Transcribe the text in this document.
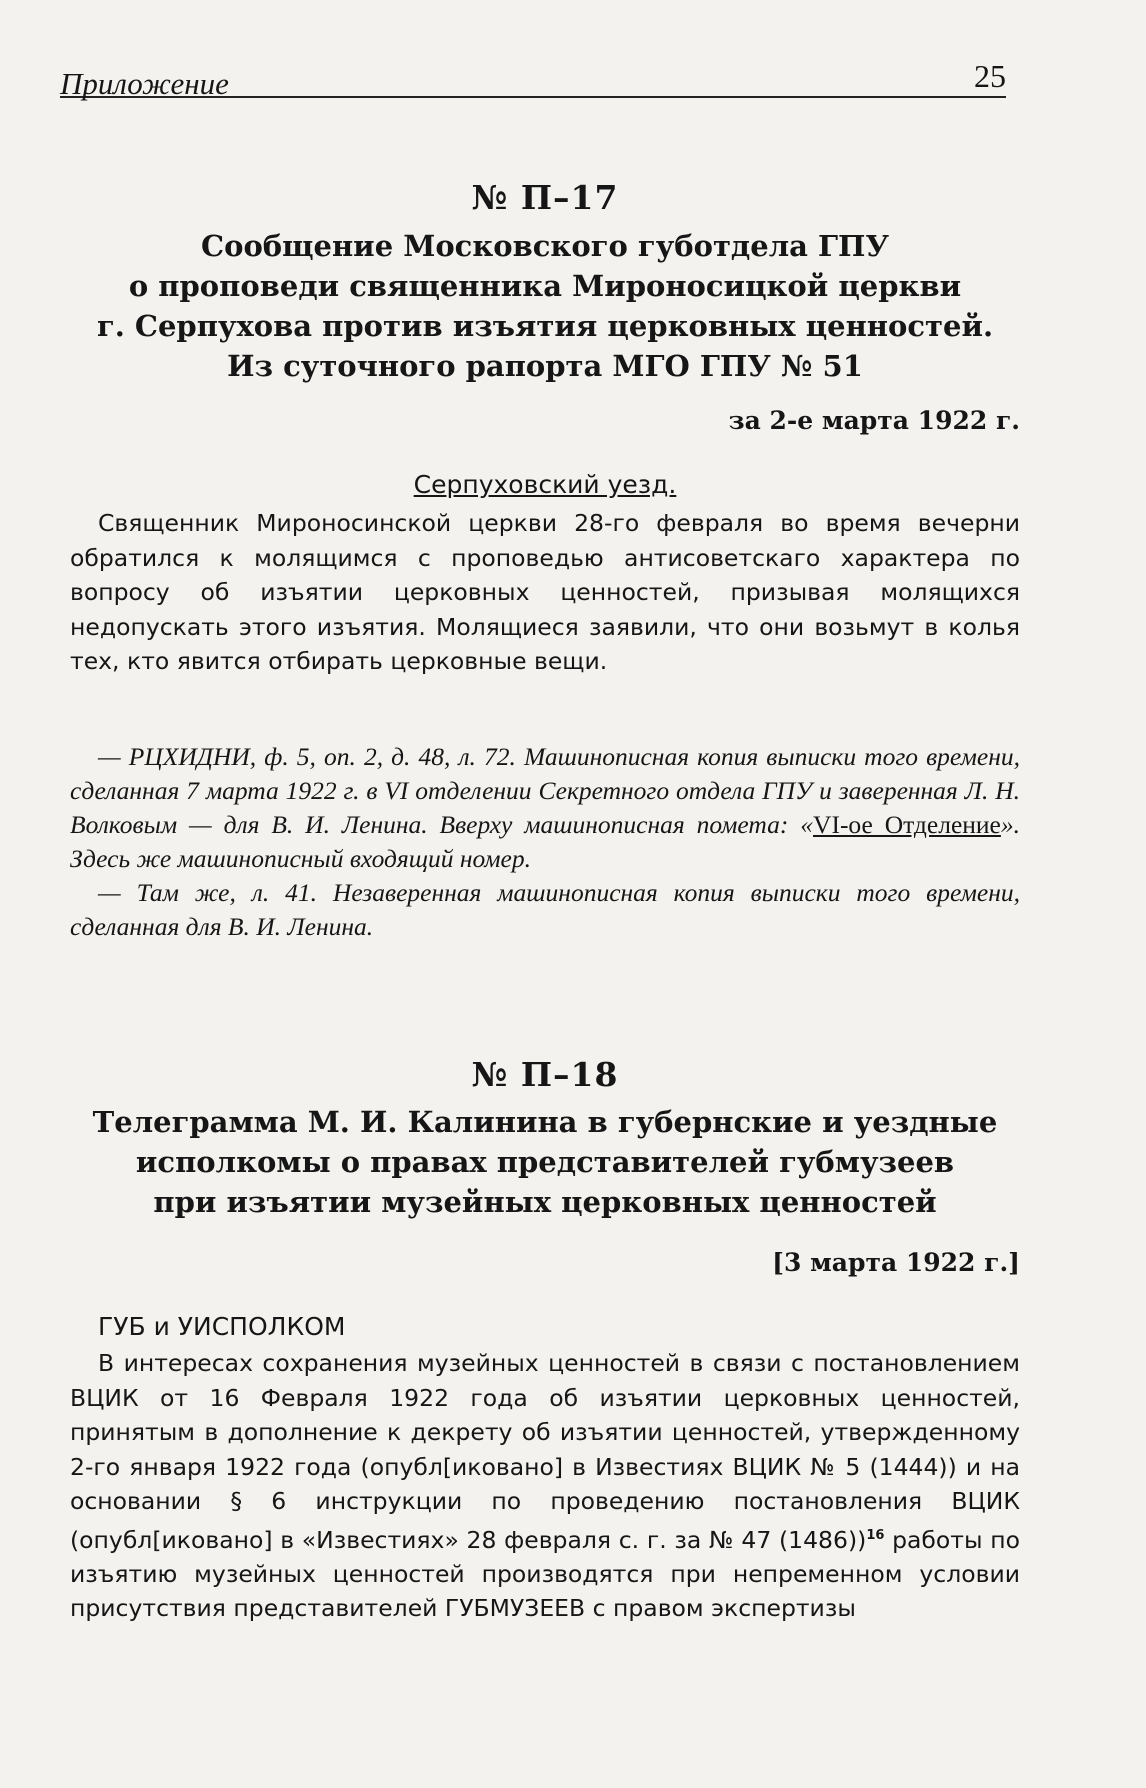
Приложение	25
№ П–17

Сообщение Московского губотдела ГПУ

о проповеди священника Мироносицкой церкви

г. Серпухова против изъятия церковных ценностей.

Из суточного рапорта МГО ГПУ № 51

за 2-е марта 1922 г.
Серпуховский уезд.

Священник Мироносинской церкви 28-го февраля во время вечерни обратился к молящимся с проповедью антисоветскаго характера по вопросу об изъятии церковных ценностей, призывая молящихся недопускать этого изъятия. Молящиеся заявили, что они возьмут в колья тех, кто явится отбирать церковные вещи.

— РЦХИДНИ, ф. 5, оп. 2, д. 48, л. 72. Машинописная копия выписки того времени, сделанная 7 марта 1922 г. в VI отделении Секретного отдела ГПУ и заверенная Л. Н. Волковым — для В. И. Ленина. Вверху машинописная помета: «VI-ое Отделение». Здесь же машинописный входящий номер.

— Там же, л. 41. Незаверенная машинописная копия выписки того времени, сделанная для В. И. Ленина.

№ П–18

Телеграмма М. И. Калинина в губернские и уездные

исполкомы о правах представителей губмузеев

при изъятии музейных церковных ценностей

[3 марта 1922 г.]

ГУБ и УИСПОЛКОМ

В интересах сохранения музейных ценностей в связи с постановлением ВЦИК от 16 Февраля 1922 года об изъятии церковных ценностей, принятым в дополнение к декрету об изъятии ценностей, утвержденному 2-го января 1922 года (опубл[иковано] в Известиях ВЦИК № 5 (1444)) и на основании § 6 инструкции по проведению постановления ВЦИК (опубл[иковано] в «Известиях» 28 февраля с. г. за № 47 (1486))$^{16}$ работы по изъятию музейных ценностей производятся при непременном условии присутствия представителей ГУБМУЗЕЕВ с правом экспертизы
